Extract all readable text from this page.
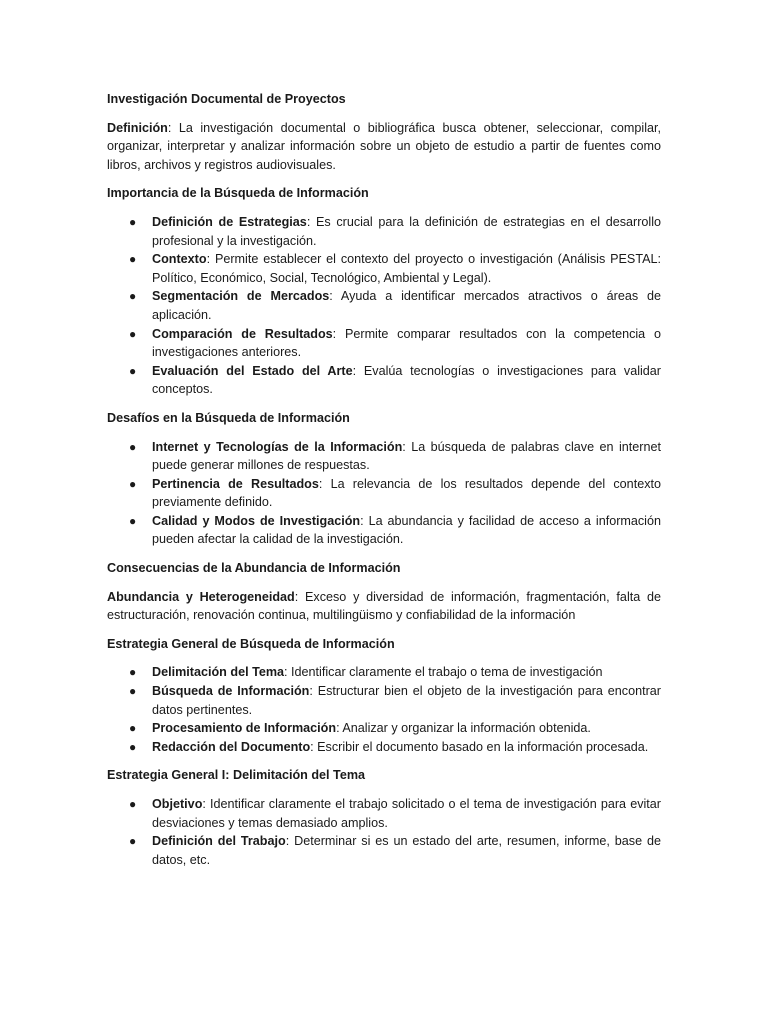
Investigación Documental de Proyectos

Definición: La investigación documental o bibliográfica busca obtener, seleccionar, compilar, organizar, interpretar y analizar información sobre un objeto de estudio a partir de fuentes como libros, archivos y registros audiovisuales.

Importancia de la Búsqueda de Información

● Definición de Estrategias: Es crucial para la definición de estrategias en el desarrollo profesional y la investigación.
● Contexto: Permite establecer el contexto del proyecto o investigación (Análisis PESTAL: Político, Económico, Social, Tecnológico, Ambiental y Legal).
● Segmentación de Mercados: Ayuda a identificar mercados atractivos o áreas de aplicación.
● Comparación de Resultados: Permite comparar resultados con la competencia o investigaciones anteriores.
● Evaluación del Estado del Arte: Evalúa tecnologías o investigaciones para validar conceptos.

Desafíos en la Búsqueda de Información

● Internet y Tecnologías de la Información: La búsqueda de palabras clave en internet puede generar millones de respuestas.
● Pertinencia de Resultados: La relevancia de los resultados depende del contexto previamente definido.
● Calidad y Modos de Investigación: La abundancia y facilidad de acceso a información pueden afectar la calidad de la investigación.

Consecuencias de la Abundancia de Información

Abundancia y Heterogeneidad: Exceso y diversidad de información, fragmentación, falta de estructuración, renovación continua, multilingüismo y confiabilidad de la información

Estrategia General de Búsqueda de Información

● Delimitación del Tema: Identificar claramente el trabajo o tema de investigación
● Búsqueda de Información: Estructurar bien el objeto de la investigación para encontrar datos pertinentes.
● Procesamiento de Información: Analizar y organizar la información obtenida.
● Redacción del Documento: Escribir el documento basado en la información procesada.

Estrategia General I: Delimitación del Tema

● Objetivo: Identificar claramente el trabajo solicitado o el tema de investigación para evitar desviaciones y temas demasiado amplios.
● Definición del Trabajo: Determinar si es un estado del arte, resumen, informe, base de datos, etc.
